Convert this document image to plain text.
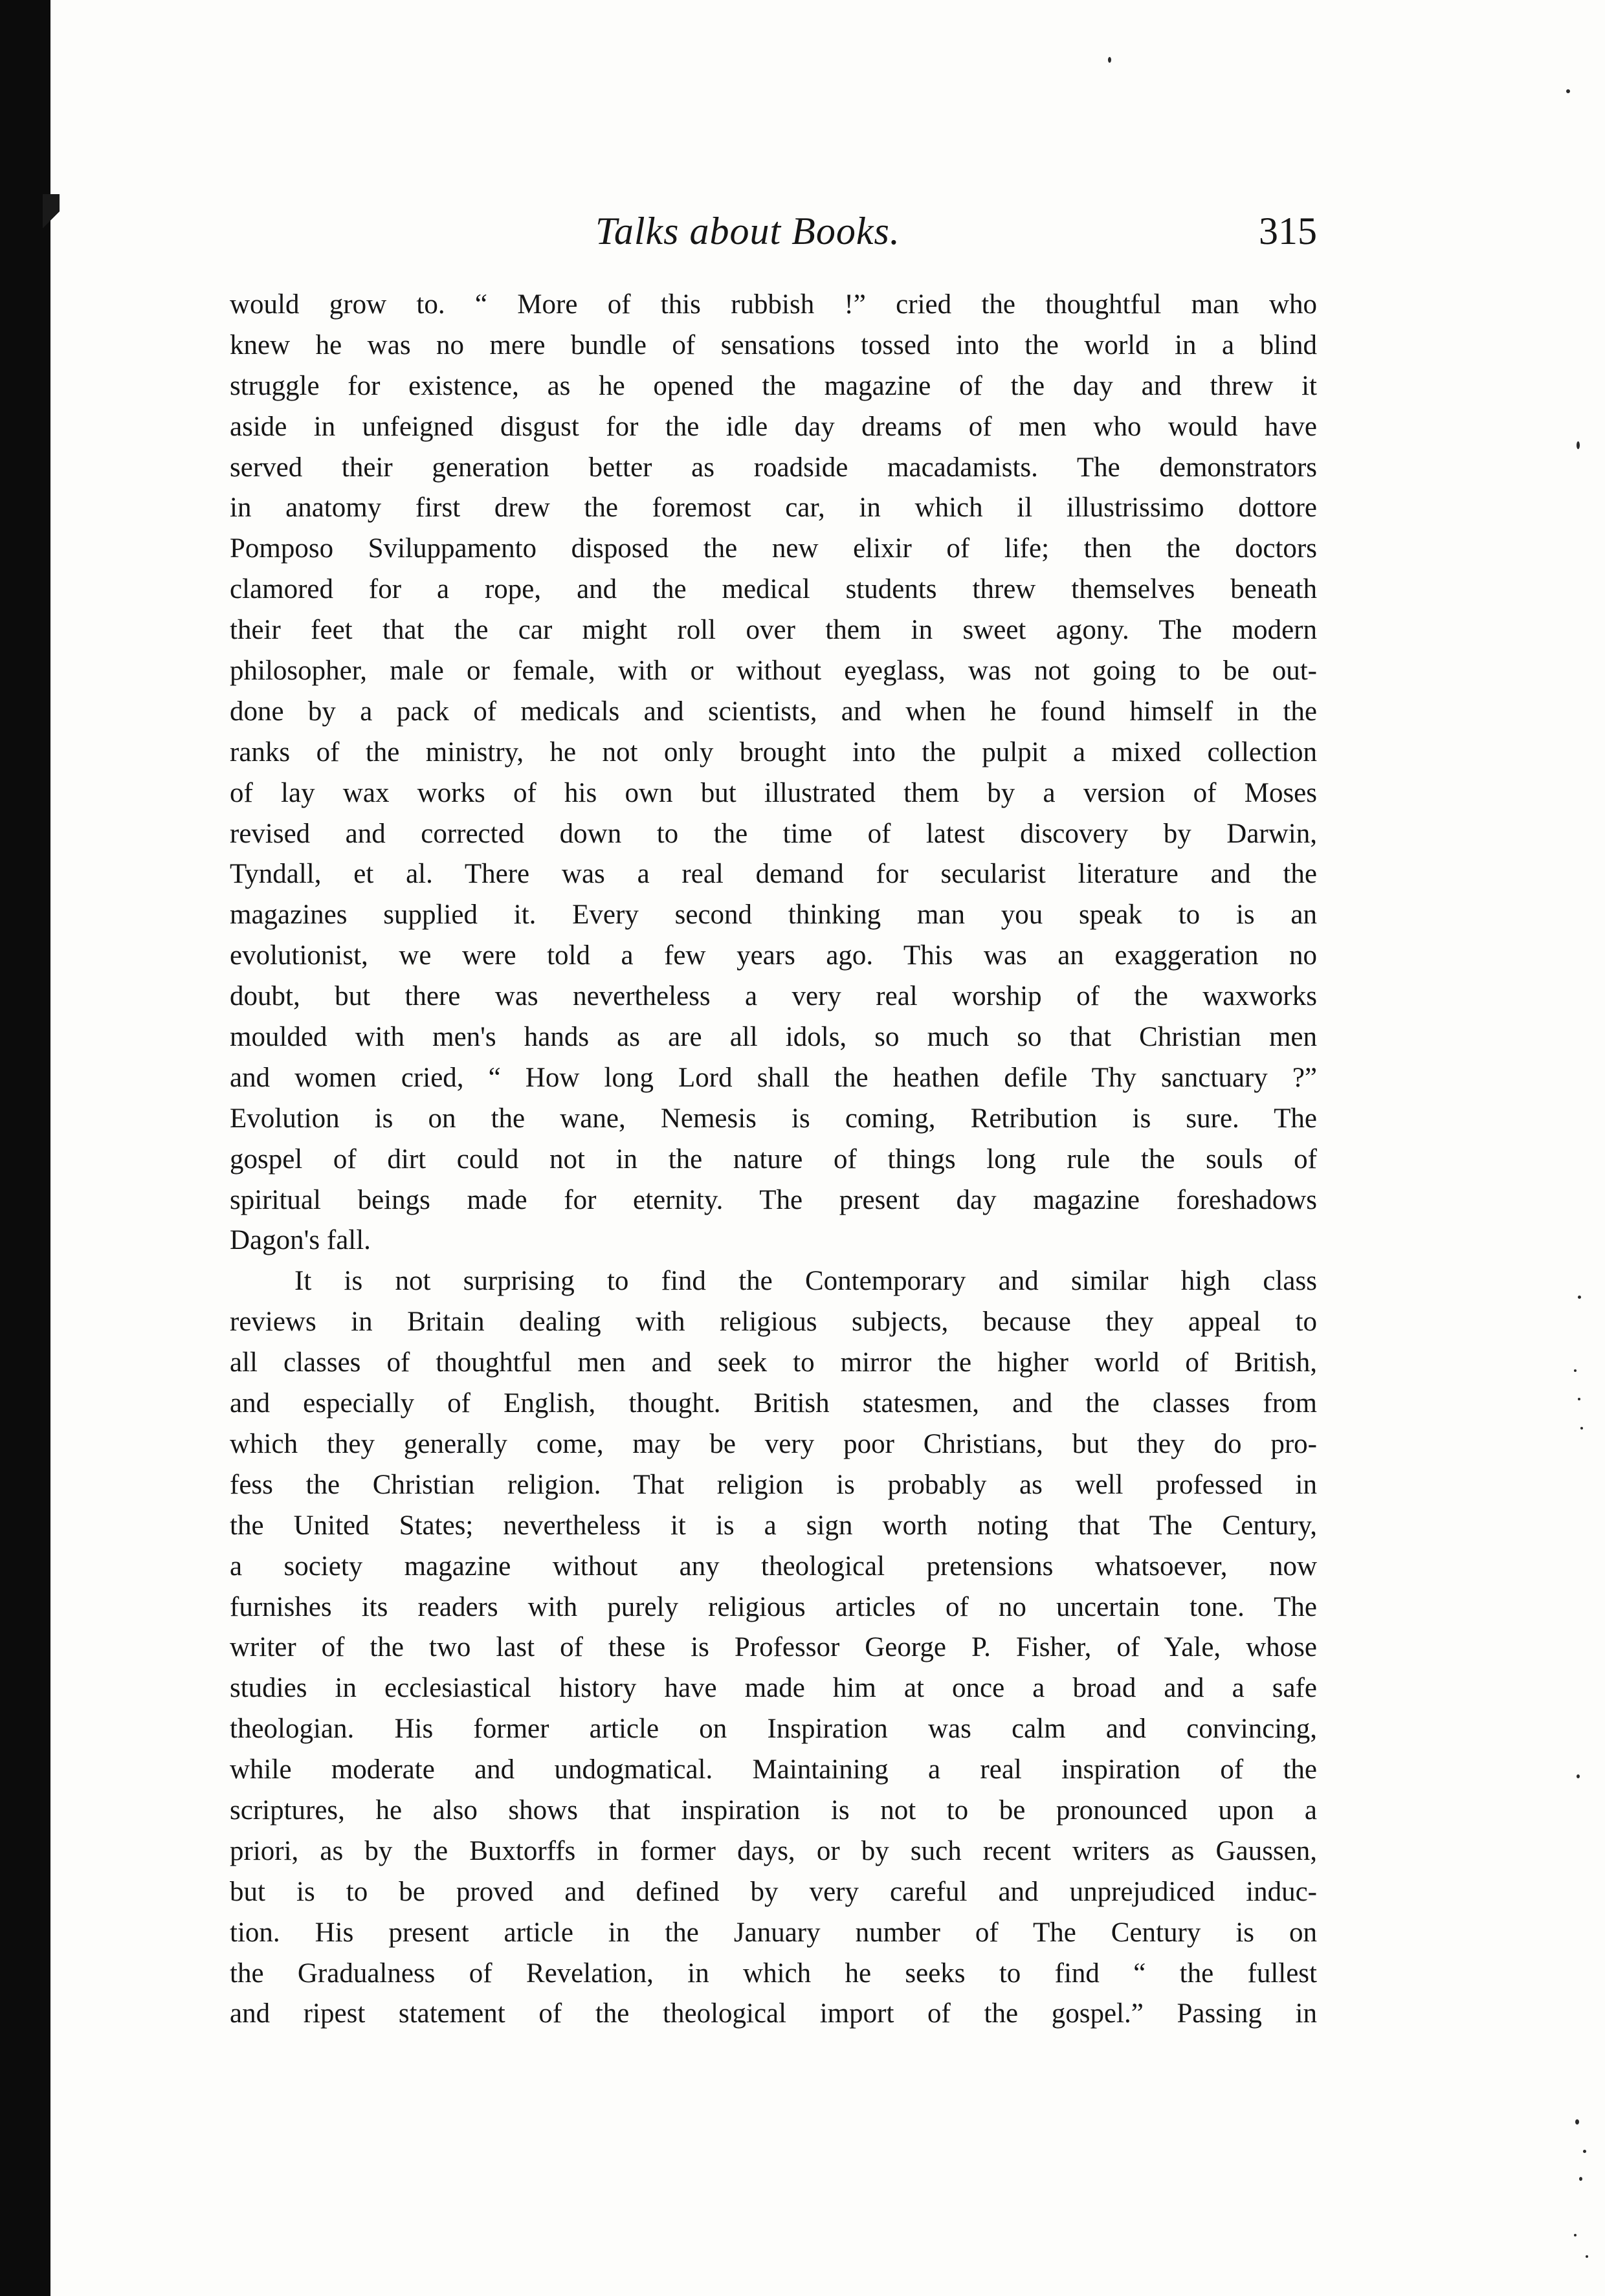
Talks about Books.	315
would grow to. “ More of this rubbish !” cried the thoughtful man who
knew he was no mere bundle of sensations tossed into the world in a blind
struggle for existence, as he opened the magazine of the day and threw it
aside in unfeigned disgust for the idle day dreams of men who would have
served their generation better as roadside macadamists. The demonstrators
in anatomy first drew the foremost car, in which il illustrissimo dottore
Pomposo Sviluppamento disposed the new elixir of life; then the doctors
clamored for a rope, and the medical students threw themselves beneath
their feet that the car might roll over them in sweet agony. The modern
philosopher, male or female, with or without eyeglass, was not going to be out-
done by a pack of medicals and scientists, and when he found himself in the
ranks of the ministry, he not only brought into the pulpit a mixed collection
of lay wax works of his own but illustrated them by a version of Moses
revised and corrected down to the time of latest discovery by Darwin,
Tyndall, et al. There was a real demand for secularist literature and the
magazines supplied it. Every second thinking man you speak to is an
evolutionist, we were told a few years ago. This was an exaggeration no
doubt, but there was nevertheless a very real worship of the waxworks
moulded with men's hands as are all idols, so much so that Christian men
and women cried, “ How long Lord shall the heathen defile Thy sanctuary ?”
Evolution is on the wane, Nemesis is coming, Retribution is sure. The
gospel of dirt could not in the nature of things long rule the souls of
spiritual beings made for eternity. The present day magazine foreshadows
Dagon's fall.
It is not surprising to find the Contemporary and similar high class
reviews in Britain dealing with religious subjects, because they appeal to
all classes of thoughtful men and seek to mirror the higher world of British,
and especially of English, thought. British statesmen, and the classes from
which they generally come, may be very poor Christians, but they do pro-
fess the Christian religion. That religion is probably as well professed in
the United States; nevertheless it is a sign worth noting that The Century,
a society magazine without any theological pretensions whatsoever, now
furnishes its readers with purely religious articles of no uncertain tone. The
writer of the two last of these is Professor George P. Fisher, of Yale, whose
studies in ecclesiastical history have made him at once a broad and a safe
theologian. His former article on Inspiration was calm and convincing,
while moderate and undogmatical. Maintaining a real inspiration of the
scriptures, he also shows that inspiration is not to be pronounced upon a
priori, as by the Buxtorffs in former days, or by such recent writers as Gaussen,
but is to be proved and defined by very careful and unprejudiced induc-
tion. His present article in the January number of The Century is on
the Gradualness of Revelation, in which he seeks to find “ the fullest
and ripest statement of the theological import of the gospel.” Passing in
